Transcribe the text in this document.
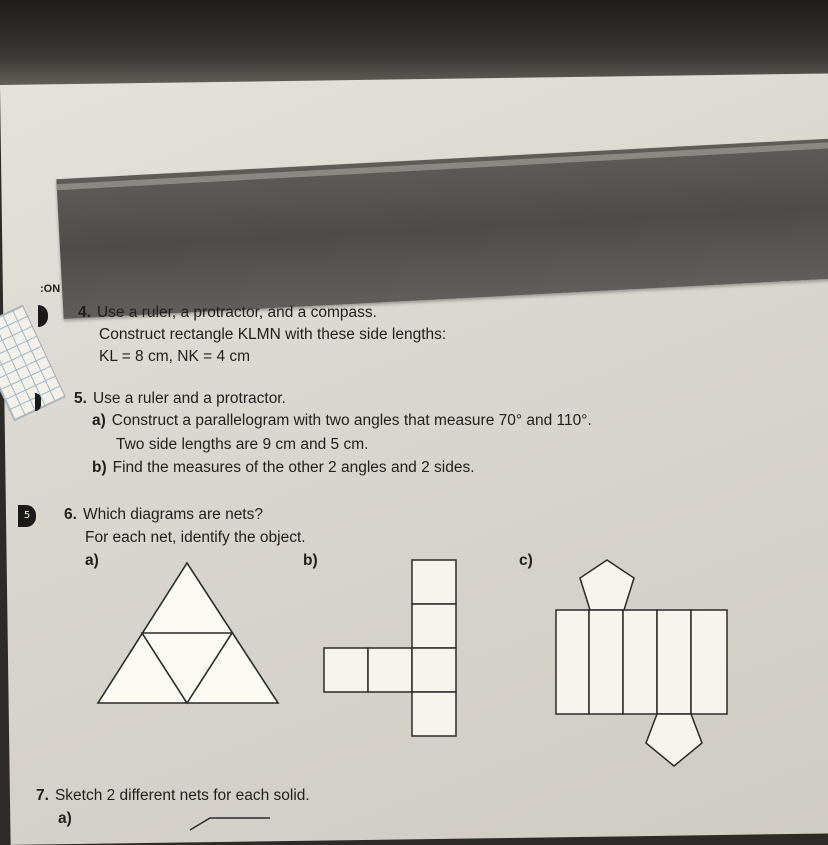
:ON
5
4. Use a ruler, a protractor, and a compass.
Construct rectangle KLMN with these side lengths:
KL = 8 cm, NK = 4 cm
5. Use a ruler and a protractor.
a) Construct a parallelogram with two angles that measure 70° and 110°.
Two side lengths are 9 cm and 5 cm.
b) Find the measures of the other 2 angles and 2 sides.
6. Which diagrams are nets?
For each net, identify the object.
a)	b)	c)
7. Sketch 2 different nets for each solid.
a)
